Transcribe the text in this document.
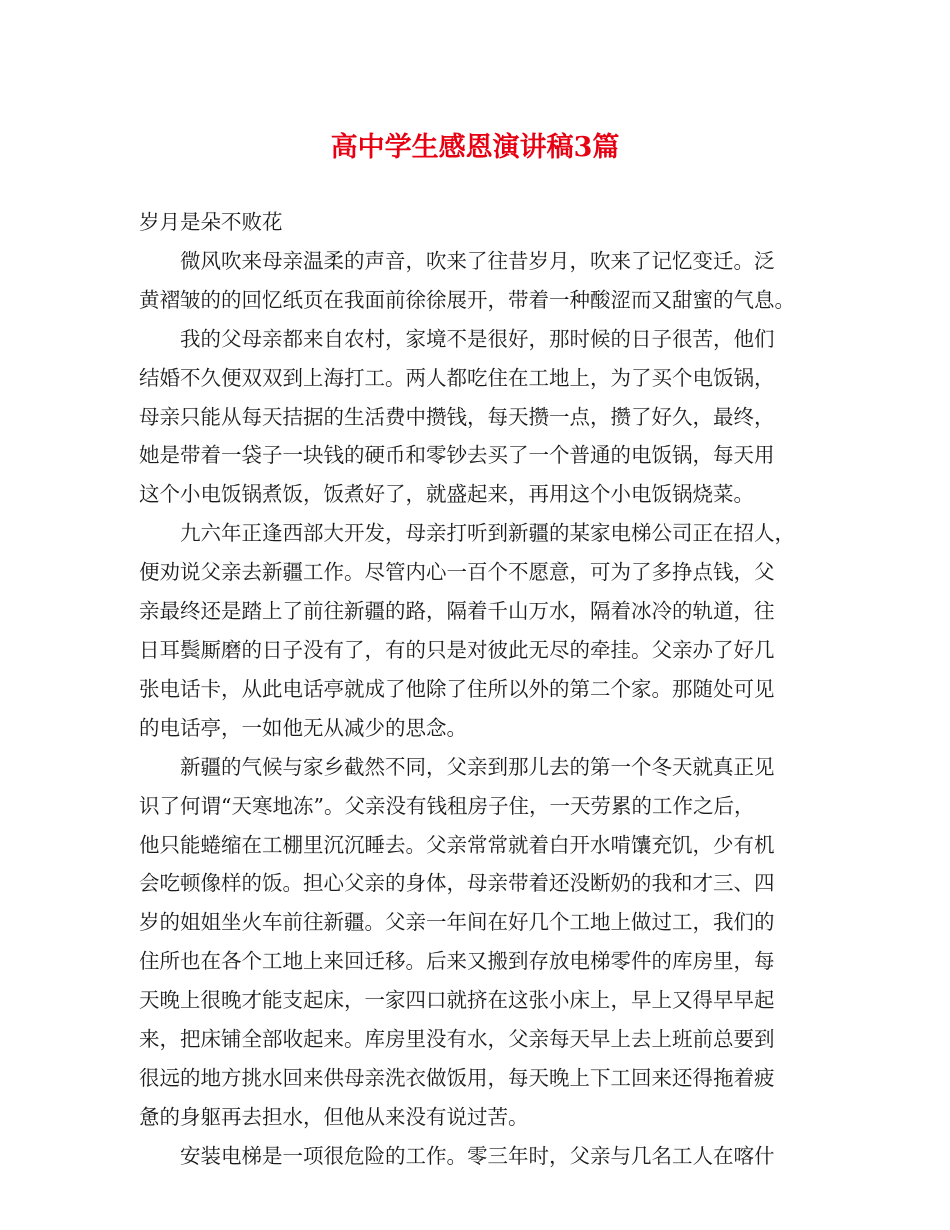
高中学生感恩演讲稿3篇

岁月是朵不败花

微风吹来母亲温柔的声音，吹来了往昔岁月，吹来了记忆变迁。泛
黄褶皱的的回忆纸页在我面前徐徐展开，带着一种酸涩而又甜蜜的气息。

我的父母亲都来自农村，家境不是很好，那时候的日子很苦，他们
结婚不久便双双到上海打工。两人都吃住在工地上，为了买个电饭锅，
母亲只能从每天拮据的生活费中攒钱，每天攒一点，攒了好久，最终，
她是带着一袋子一块钱的硬币和零钞去买了一个普通的电饭锅，每天用
这个小电饭锅煮饭，饭煮好了，就盛起来，再用这个小电饭锅烧菜。

九六年正逢西部大开发，母亲打听到新疆的某家电梯公司正在招人，
便劝说父亲去新疆工作。尽管内心一百个不愿意，可为了多挣点钱，父
亲最终还是踏上了前往新疆的路，隔着千山万水，隔着冰冷的轨道，往
日耳鬓厮磨的日子没有了，有的只是对彼此无尽的牵挂。父亲办了好几
张电话卡，从此电话亭就成了他除了住所以外的第二个家。那随处可见
的电话亭，一如他无从减少的思念。

新疆的气候与家乡截然不同，父亲到那儿去的第一个冬天就真正见
识了何谓“天寒地冻”。父亲没有钱租房子住，一天劳累的工作之后，
他只能蜷缩在工棚里沉沉睡去。父亲常常就着白开水啃馕充饥，少有机
会吃顿像样的饭。担心父亲的身体，母亲带着还没断奶的我和才三、四
岁的姐姐坐火车前往新疆。父亲一年间在好几个工地上做过工，我们的
住所也在各个工地上来回迁移。后来又搬到存放电梯零件的库房里，每
天晚上很晚才能支起床，一家四口就挤在这张小床上，早上又得早早起
来，把床铺全部收起来。库房里没有水，父亲每天早上去上班前总要到
很远的地方挑水回来供母亲洗衣做饭用，每天晚上下工回来还得拖着疲
惫的身躯再去担水，但他从来没有说过苦。

安装电梯是一项很危险的工作。零三年时，父亲与几名工人在喀什
